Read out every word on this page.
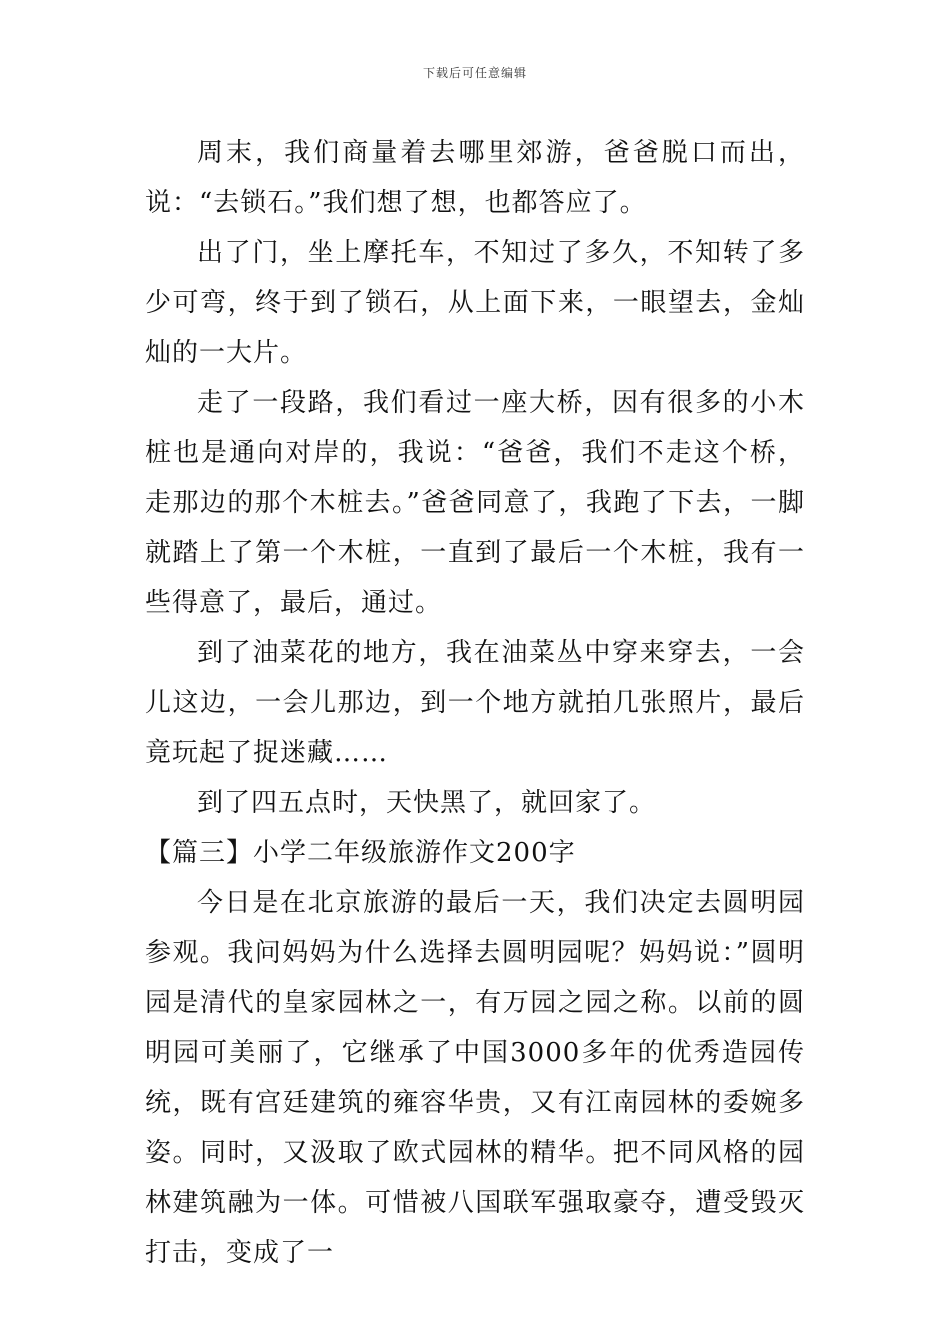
下载后可任意编辑

周末，我们商量着去哪里郊游，爸爸脱口而出，说：“去锁石。”我们想了想，也都答应了。

出了门，坐上摩托车，不知过了多久，不知转了多少可弯，终于到了锁石，从上面下来，一眼望去，金灿灿的一大片。

走了一段路，我们看过一座大桥，因有很多的小木桩也是通向对岸的，我说：“爸爸，我们不走这个桥，走那边的那个木桩去。”爸爸同意了，我跑了下去，一脚就踏上了第一个木桩，一直到了最后一个木桩，我有一些得意了，最后，通过。

到了油菜花的地方，我在油菜丛中穿来穿去，一会儿这边，一会儿那边，到一个地方就拍几张照片，最后竟玩起了捉迷藏……

到了四五点时，天快黑了，就回家了。

【篇三】小学二年级旅游作文200字

今日是在北京旅游的最后一天，我们决定去圆明园参观。我问妈妈为什么选择去圆明园呢？妈妈说：”圆明园是清代的皇家园林之一，有万园之园之称。以前的圆明园可美丽了，它继承了中国3000多年的优秀造园传统，既有宫廷建筑的雍容华贵，又有江南园林的委婉多姿。同时，又汲取了欧式园林的精华。把不同风格的园林建筑融为一体。可惜被八国联军强取豪夺，遭受毁灭打击，变成了一
